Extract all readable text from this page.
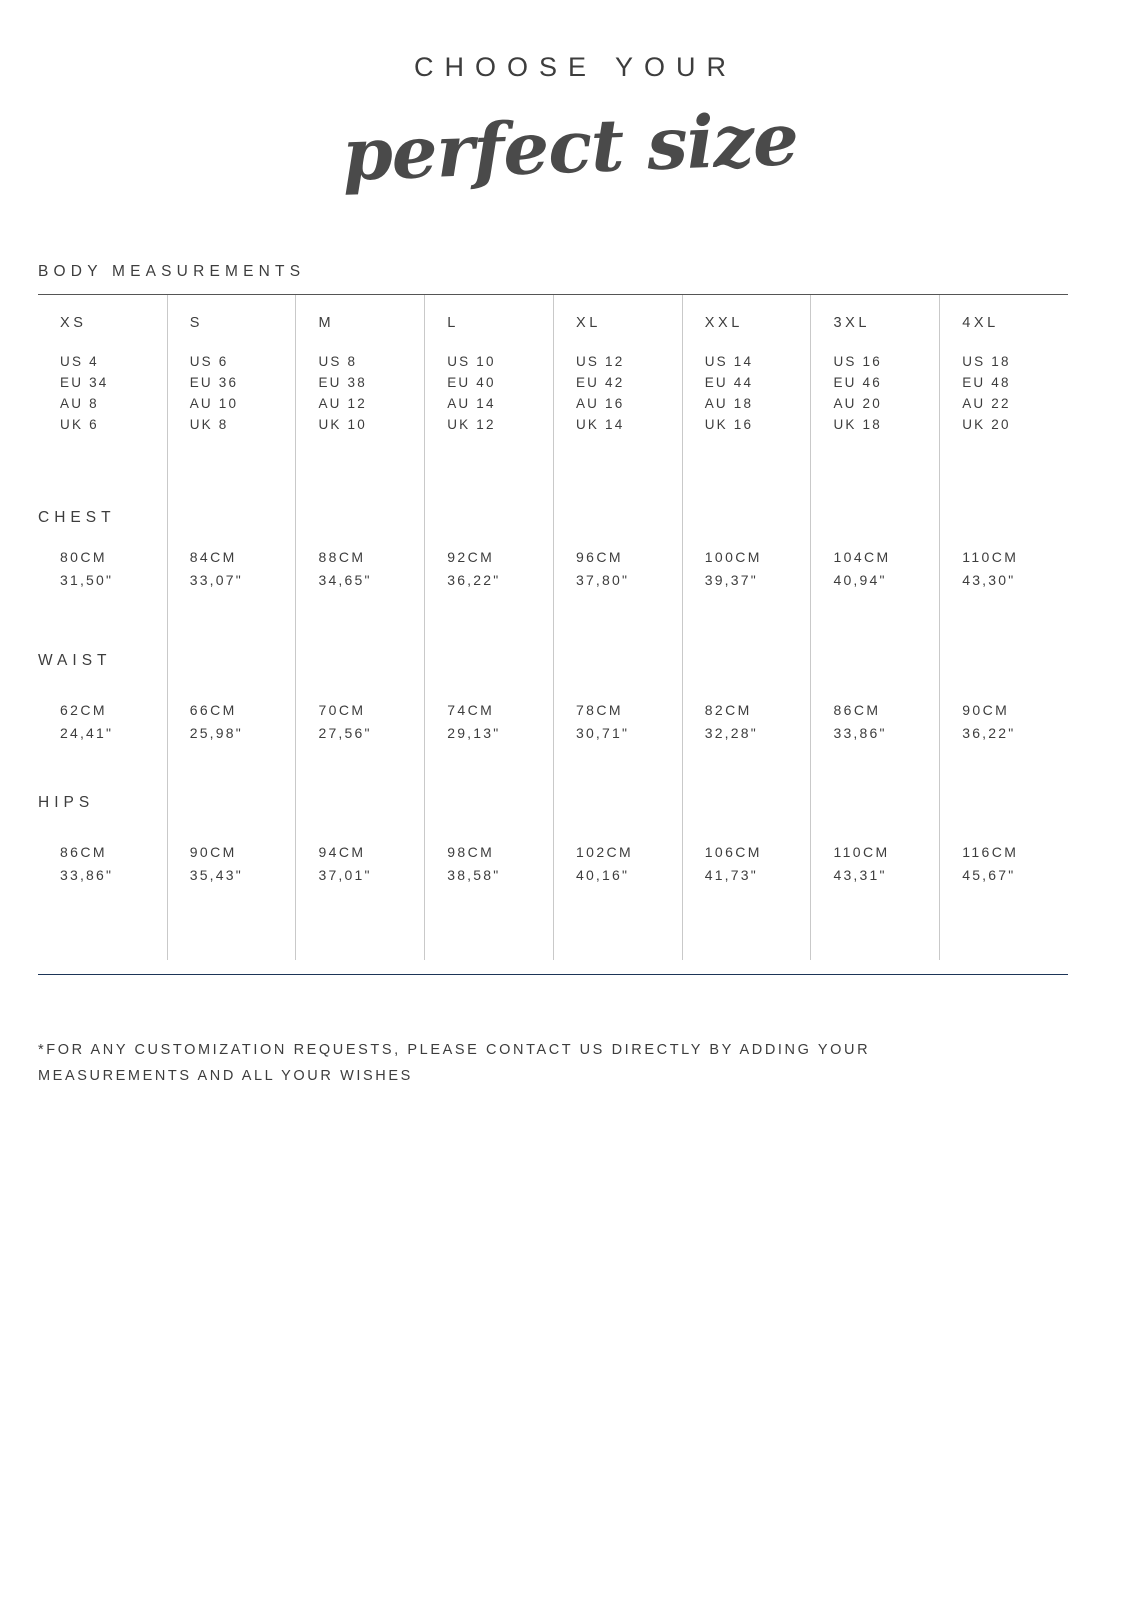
CHOOSE YOUR
perfect size
BODY MEASUREMENTS
XS
US 4
EU 34
AU 8
UK 6
80CM
31,50"
62CM
24,41"
86CM
33,86"
S
US 6
EU 36
AU 10
UK 8
84CM
33,07"
66CM
25,98"
90CM
35,43"
M
US 8
EU 38
AU 12
UK 10
88CM
34,65"
70CM
27,56"
94CM
37,01"
L
US 10
EU 40
AU 14
UK 12
92CM
36,22"
74CM
29,13"
98CM
38,58"
XL
US 12
EU 42
AU 16
UK 14
96CM
37,80"
78CM
30,71"
102CM
40,16"
XXL
US 14
EU 44
AU 18
UK 16
100CM
39,37"
82CM
32,28"
106CM
41,73"
3XL
US 16
EU 46
AU 20
UK 18
104CM
40,94"
86CM
33,86"
110CM
43,31"
4XL
US 18
EU 48
AU 22
UK 20
110CM
43,30"
90CM
36,22"
116CM
45,67"
CHEST
WAIST
HIPS
*FOR ANY CUSTOMIZATION REQUESTS, PLEASE CONTACT US DIRECTLY BY ADDING YOUR
MEASUREMENTS AND ALL YOUR WISHES
